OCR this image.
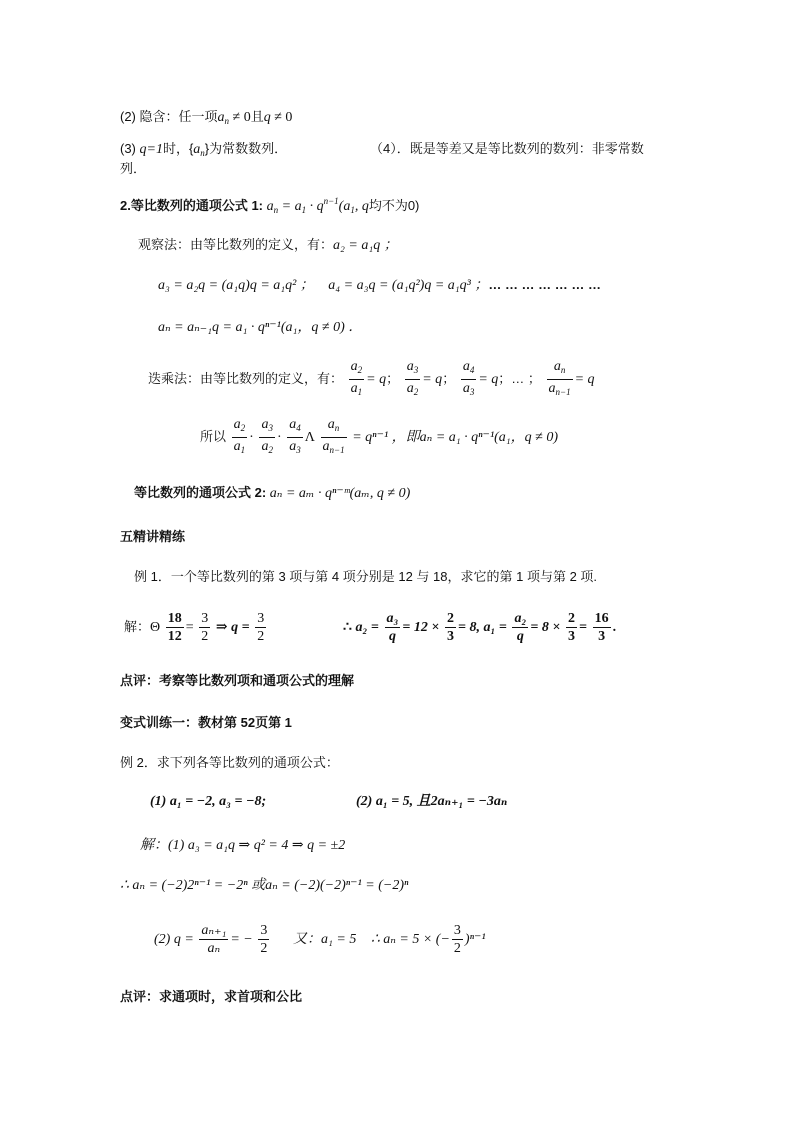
(2) 隐含：任一项$a_n \ne 0$且q ≠ 0
(3) q=1时，$\{a_n\}$为常数数列．	（4）．既是等差又是等比数列的数列：非零常数
列．
2.等比数列的通项公式 1: $a_n = a_1 \cdot q^{n-1}(a_1$, q均不为0)
观察法：由等比数列的定义，有：a₂ = a₁q ；
a₃ = a₂q = (a₁q)q = a₁q² ； a₄ = a₃q = (a₁q²)q = a₁q³ ；… … … … … … …
aₙ = aₙ₋₁q = a₁ · qⁿ⁻¹(a₁，q ≠ 0) ．
迭乘法：由等比数列的定义，有： $\frac{a_2}{a_1} = q$； $\frac{a_3}{a_2} = q$； $\frac{a_4}{a_3} = q$；… ； $\frac{a_n}{a_{n-1}} = q$
所以 $\frac{a_2}{a_1} \cdot \frac{a_3}{a_2} \cdot \frac{a_4}{a_3}$ Λ $\frac{a_n}{a_{n-1}} = q^{n-1}$ ，即aₙ = a₁ · qⁿ⁻¹(a₁，q ≠ 0)
等比数列的通项公式 2: aₙ = aₘ · qⁿ⁻ᵐ(aₘ, q ≠ 0)
五精讲精练
例 1．一个等比数列的第 3 项与第 4 项分别是 12 与 18，求它的第 1 项与第 2 项.
解：Θ $\frac{18}{12} = \frac{3}{2}$ ⇒ $q = \frac{3}{2}$	∴ $a_2 = \frac{\text{a₃}}{q} = 12 \times \frac{2}{3} = 8$, $a_1 = \frac{\text{a₂}}{q} = 8 \times \frac{2}{3} = \frac{16}{3}$ .
点评：考察等比数列项和通项公式的理解
变式训练一：教材第 52页第 1
例 2．求下列各等比数列的通项公式：
(1) a₁ = −2, a₃ = −8;	(2) a₁ = 5, 且2aₙ₊₁ = −3aₙ
解：(1) a₃ = a₁q ⇒ q² = 4 ⇒ q = ±2
∴ aₙ = (−2)2ⁿ⁻¹ = −2ⁿ 或aₙ = (−2)(−2)ⁿ⁻¹ = (−2)ⁿ
(2) $q = \frac{\text{aₙ₊₁}}{\text{aₙ}}$ = − $\frac{3}{2}$ 又：a₁ = 5 ∴ aₙ = 5 × (− $\frac{3}{2} )^{n-1}$
点评：求通项时，求首项和公比
